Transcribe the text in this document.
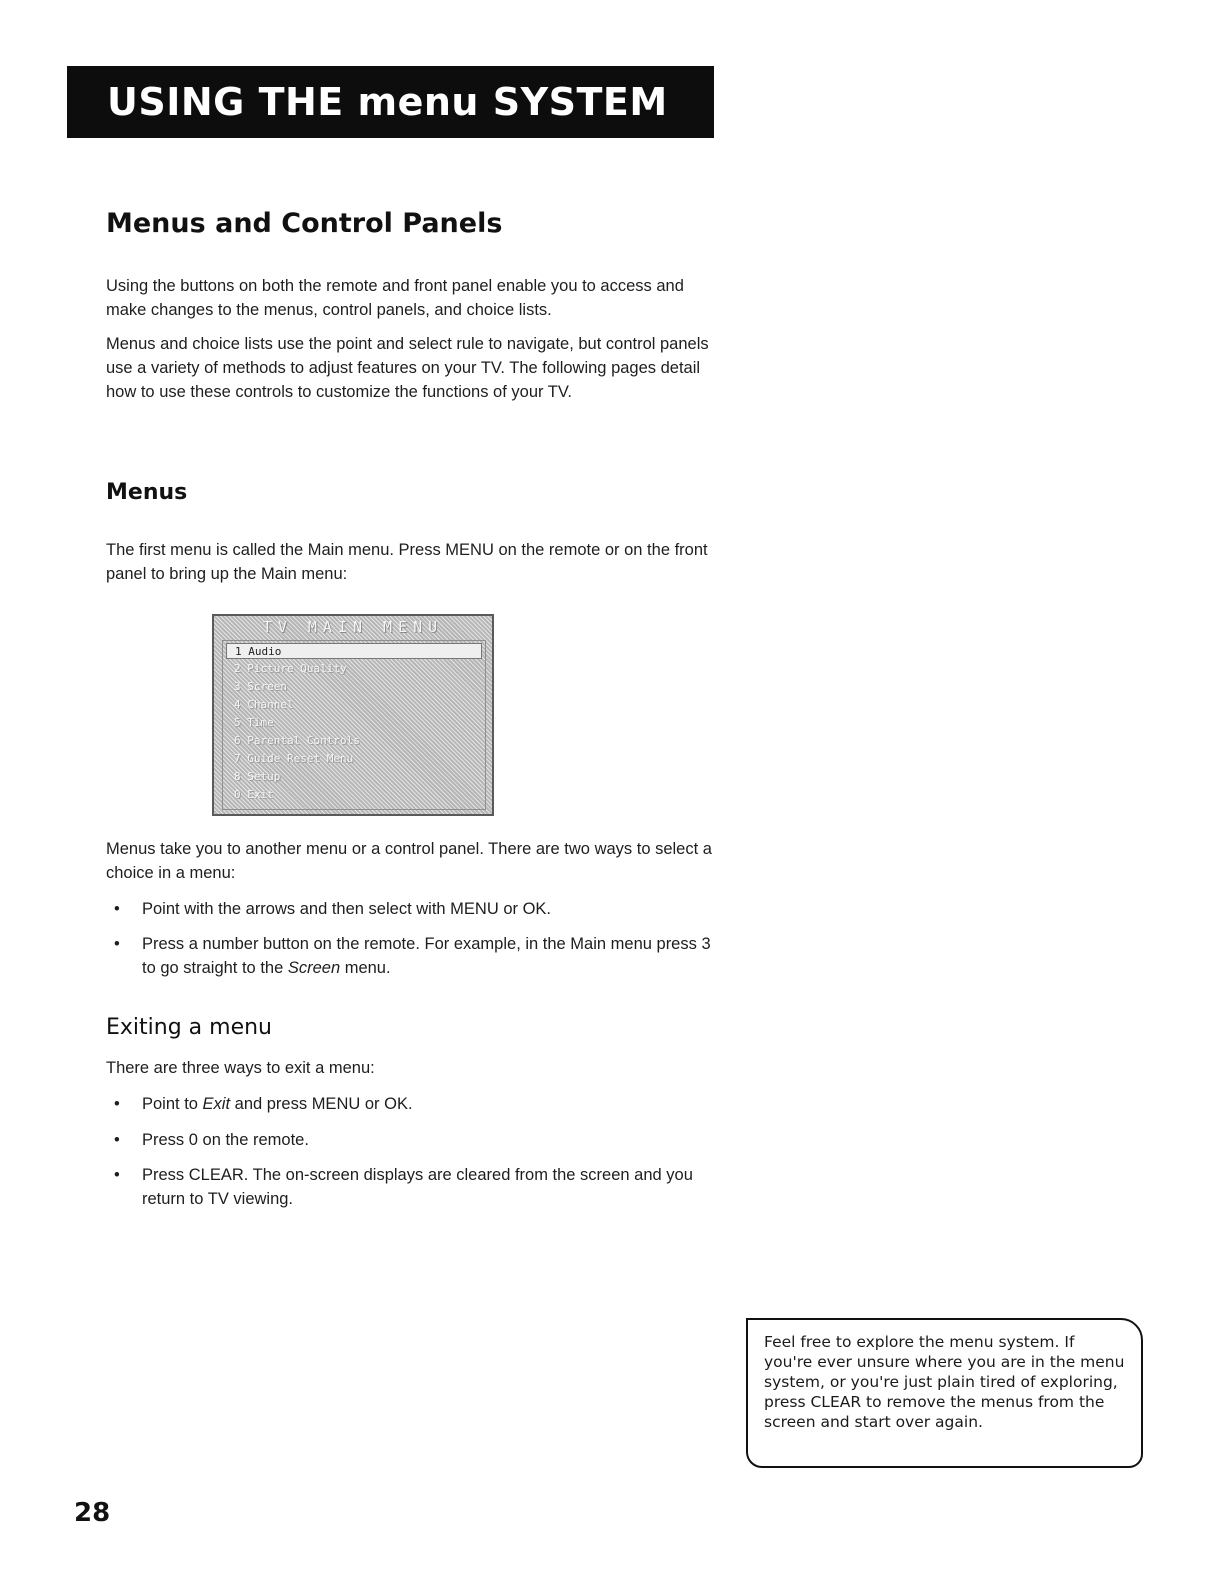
USING THE menu SYSTEM
Menus and Control Panels

Using the buttons on both the remote and front panel enable you to access and make changes to the menus, control panels, and choice lists.

Menus and choice lists use the point and select rule to navigate, but control panels use a variety of methods to adjust features on your TV. The following pages detail how to use these controls to customize the functions of your TV.

Menus

The first menu is called the Main menu. Press MENU on the remote or on the front panel to bring up the Main menu:

TV MAIN MENU
1 Audio
2 Picture Quality
3 Screen
4 Channel
5 Time
6 Parental Controls
7 Guide Reset Menu
8 Setup
0 Exit

Menus take you to another menu or a control panel. There are two ways to select a choice in a menu:

• Point with the arrows and then select with MENU or OK.
• Press a number button on the remote. For example, in the Main menu press 3 to go straight to the Screen menu.
Exiting a menu

There are three ways to exit a menu:

• Point to Exit and press MENU or OK.
• Press 0 on the remote.
• Press CLEAR. The on-screen displays are cleared from the screen and you return to TV viewing.
Feel free to explore the menu system. If you're ever unsure where you are in the menu system, or you're just plain tired of exploring, press CLEAR to remove the menus from the screen and start over again.
28
